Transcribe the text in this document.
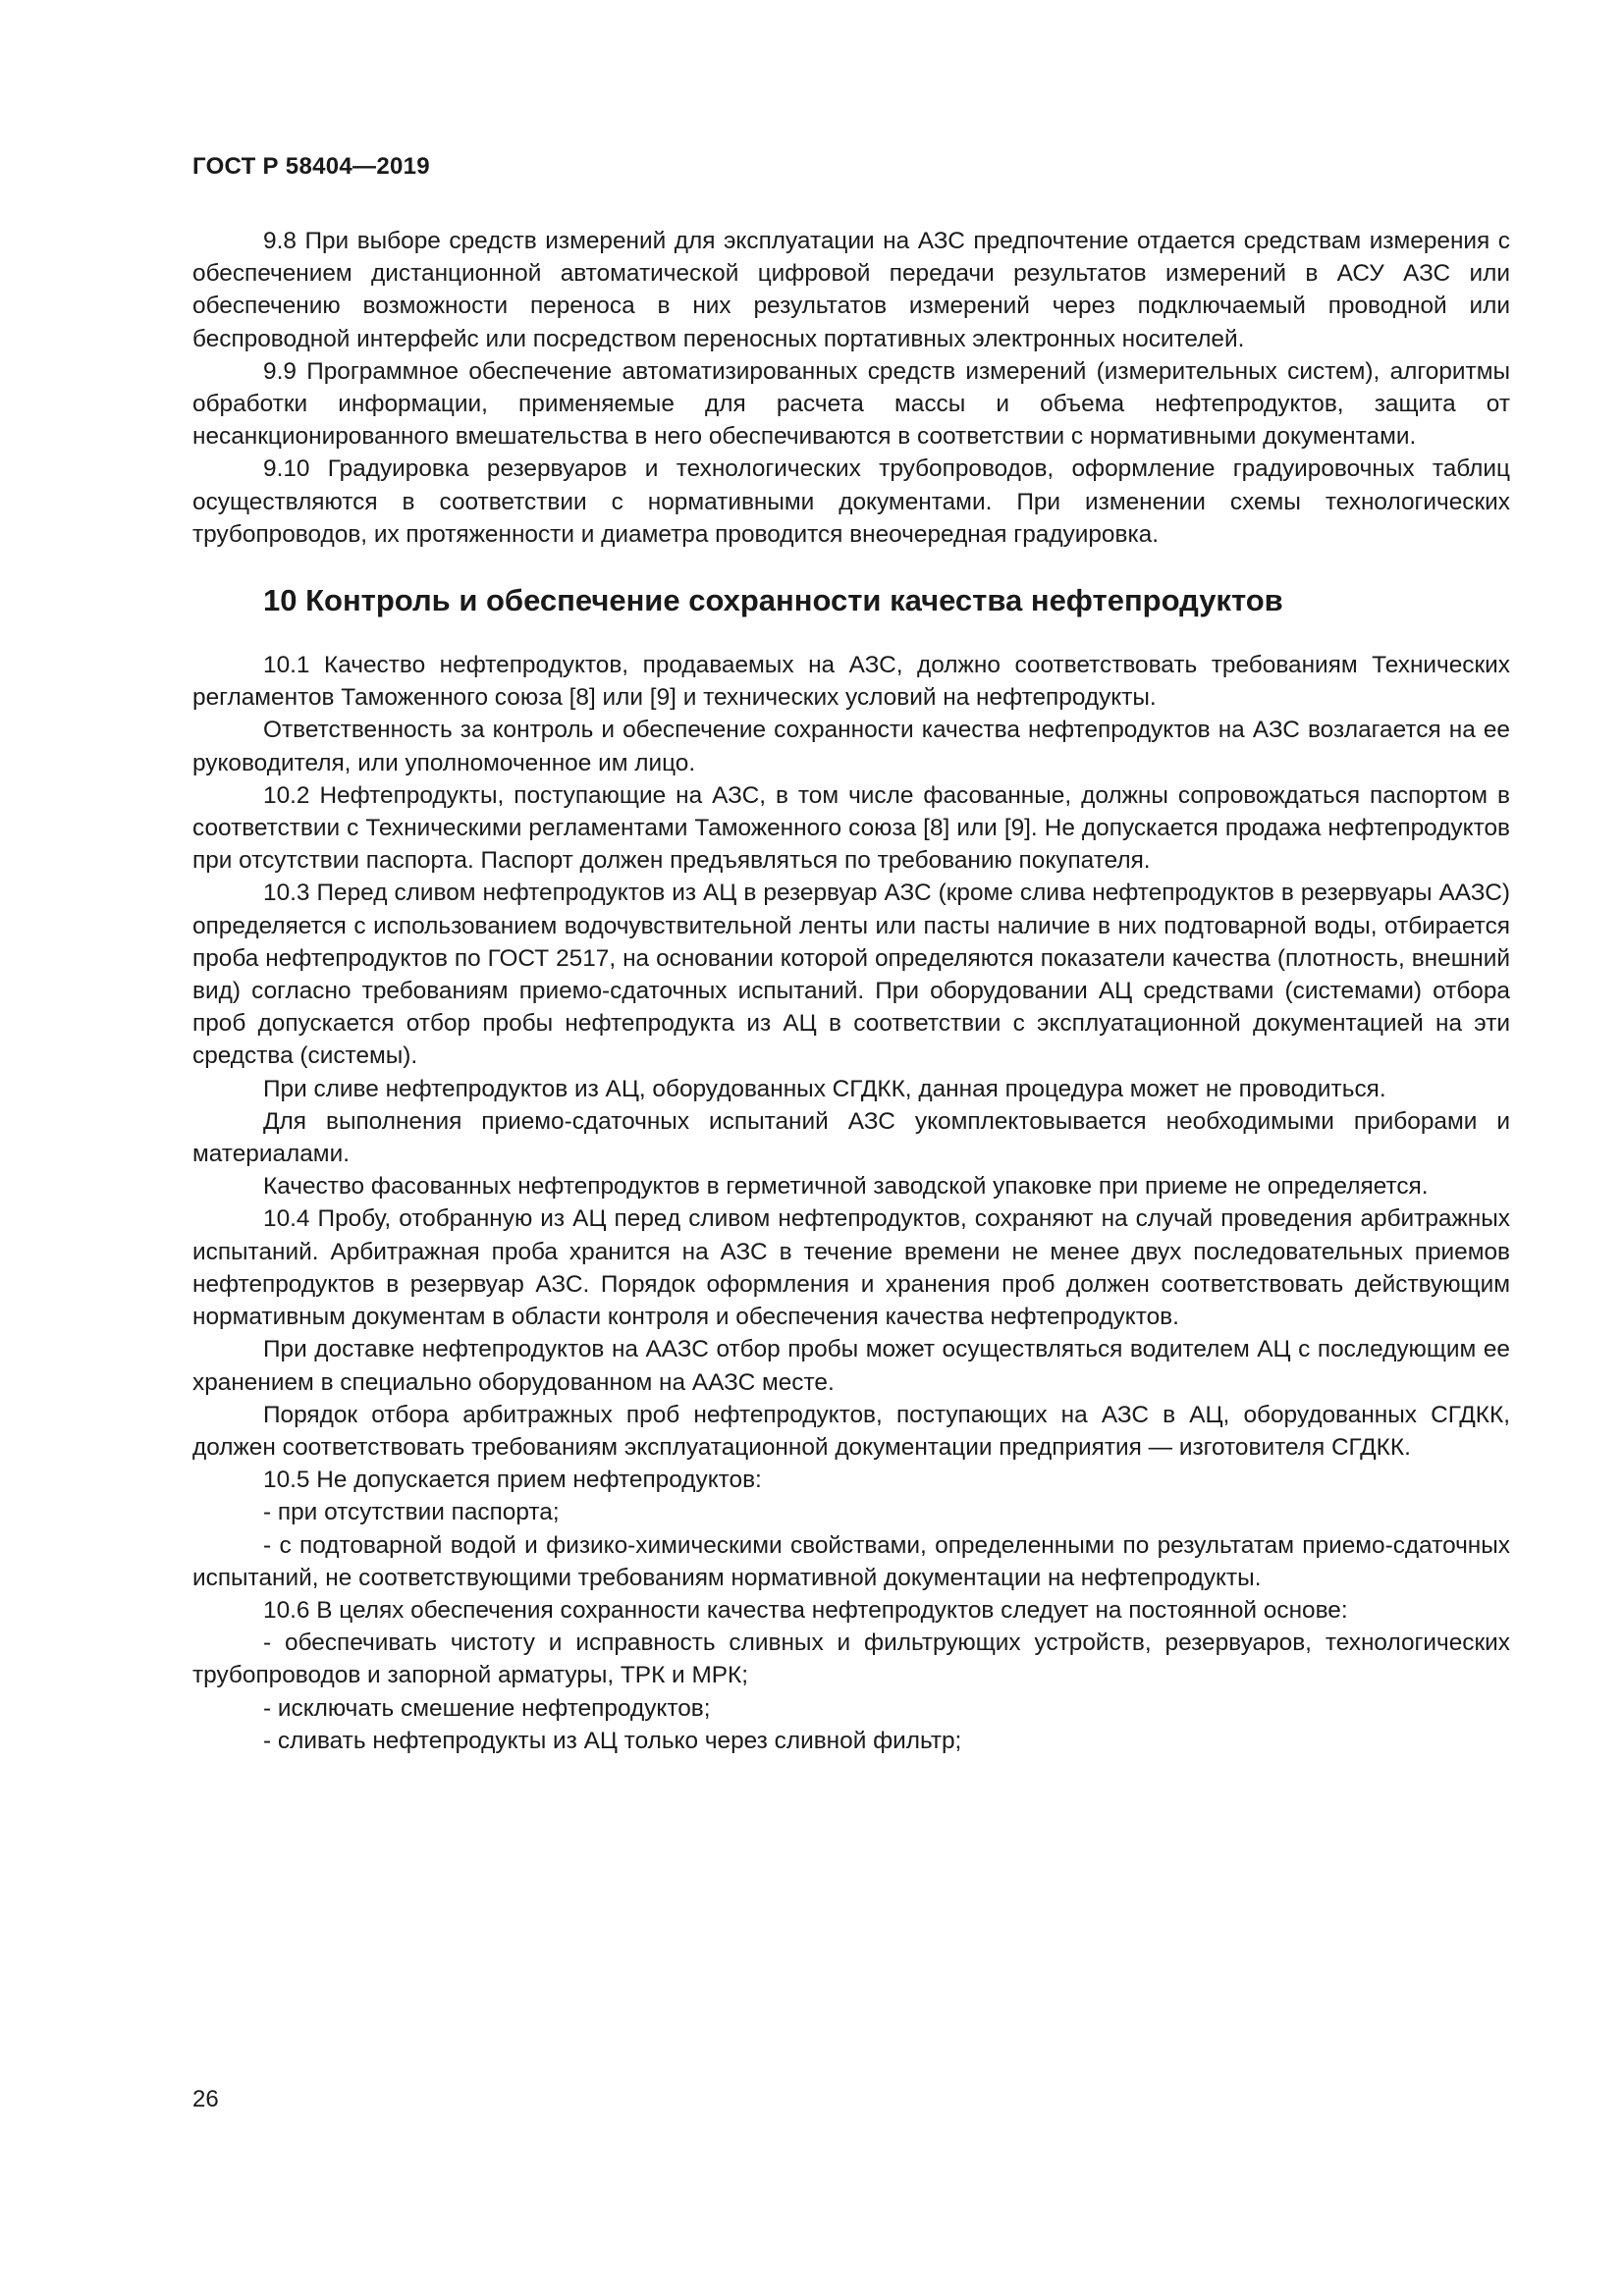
ГОСТ Р 58404—2019

9.8 При выборе средств измерений для эксплуатации на АЗС предпочтение отдается средствам измерения с обеспечением дистанционной автоматической цифровой передачи результатов измерений в АСУ АЗС или обеспечению возможности переноса в них результатов измерений через подключаемый проводной или беспроводной интерфейс или посредством переносных портативных электронных носителей.

9.9 Программное обеспечение автоматизированных средств измерений (измерительных систем), алгоритмы обработки информации, применяемые для расчета массы и объема нефтепродуктов, защита от несанкционированного вмешательства в него обеспечиваются в соответствии с нормативными документами.

9.10 Градуировка резервуаров и технологических трубопроводов, оформление градуировочных таблиц осуществляются в соответствии с нормативными документами. При изменении схемы технологических трубопроводов, их протяженности и диаметра проводится внеочередная градуировка.

10 Контроль и обеспечение сохранности качества нефтепродуктов

10.1 Качество нефтепродуктов, продаваемых на АЗС, должно соответствовать требованиям Технических регламентов Таможенного союза [8] или [9] и технических условий на нефтепродукты.

Ответственность за контроль и обеспечение сохранности качества нефтепродуктов на АЗС возлагается на ее руководителя, или уполномоченное им лицо.

10.2 Нефтепродукты, поступающие на АЗС, в том числе фасованные, должны сопровождаться паспортом в соответствии с Техническими регламентами Таможенного союза [8] или [9]. Не допускается продажа нефтепродуктов при отсутствии паспорта. Паспорт должен предъявляться по требованию покупателя.

10.3 Перед сливом нефтепродуктов из АЦ в резервуар АЗС (кроме слива нефтепродуктов в резервуары ААЗС) определяется с использованием водочувствительной ленты или пасты наличие в них подтоварной воды, отбирается проба нефтепродуктов по ГОСТ 2517, на основании которой определяются показатели качества (плотность, внешний вид) согласно требованиям приемо-сдаточных испытаний. При оборудовании АЦ средствами (системами) отбора проб допускается отбор пробы нефтепродукта из АЦ в соответствии с эксплуатационной документацией на эти средства (системы).

При сливе нефтепродуктов из АЦ, оборудованных СГДКК, данная процедура может не проводиться.

Для выполнения приемо-сдаточных испытаний АЗС укомплектовывается необходимыми приборами и материалами.

Качество фасованных нефтепродуктов в герметичной заводской упаковке при приеме не определяется.

10.4 Пробу, отобранную из АЦ перед сливом нефтепродуктов, сохраняют на случай проведения арбитражных испытаний. Арбитражная проба хранится на АЗС в течение времени не менее двух последовательных приемов нефтепродуктов в резервуар АЗС. Порядок оформления и хранения проб должен соответствовать действующим нормативным документам в области контроля и обеспечения качества нефтепродуктов.

При доставке нефтепродуктов на ААЗС отбор пробы может осуществляться водителем АЦ с последующим ее хранением в специально оборудованном на ААЗС месте.

Порядок отбора арбитражных проб нефтепродуктов, поступающих на АЗС в АЦ, оборудованных СГДКК, должен соответствовать требованиям эксплуатационной документации предприятия — изготовителя СГДКК.

10.5 Не допускается прием нефтепродуктов:

- при отсутствии паспорта;

- с подтоварной водой и физико-химическими свойствами, определенными по результатам приемо-сдаточных испытаний, не соответствующими требованиям нормативной документации на нефтепродукты.

10.6 В целях обеспечения сохранности качества нефтепродуктов следует на постоянной основе:

- обеспечивать чистоту и исправность сливных и фильтрующих устройств, резервуаров, технологических трубопроводов и запорной арматуры, ТРК и МРК;

- исключать смешение нефтепродуктов;

- сливать нефтепродукты из АЦ только через сливной фильтр;

26
